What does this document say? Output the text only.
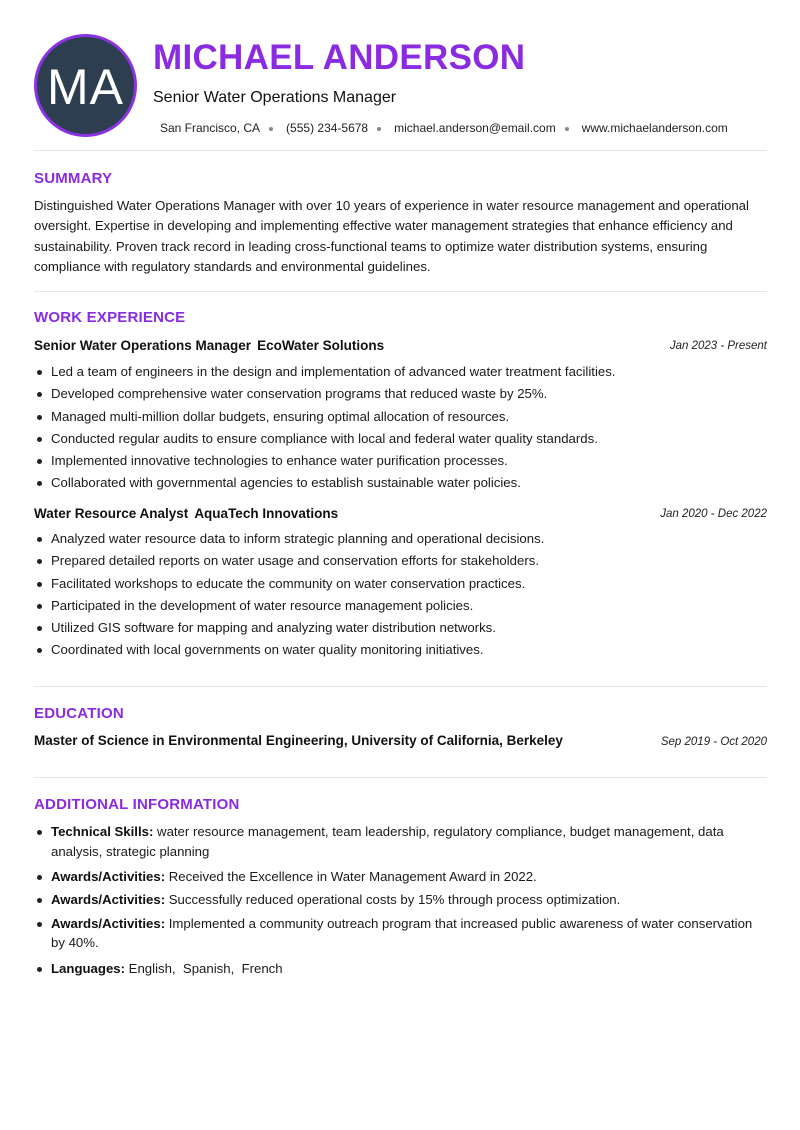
MA
MICHAEL ANDERSON
Senior Water Operations Manager
San Francisco, CA (555) 234-5678 michael.anderson@email.com www.michaelanderson.com
SUMMARY
Distinguished Water Operations Manager with over 10 years of experience in water resource management and operational oversight. Expertise in developing and implementing effective water management strategies that enhance efficiency and sustainability. Proven track record in leading cross-functional teams to optimize water distribution systems, ensuring compliance with regulatory standards and environmental guidelines.
WORK EXPERIENCE
Senior Water Operations Manager EcoWater Solutions	Jan 2023 - Present
Led a team of engineers in the design and implementation of advanced water treatment facilities.
Developed comprehensive water conservation programs that reduced waste by 25%.
Managed multi-million dollar budgets, ensuring optimal allocation of resources.
Conducted regular audits to ensure compliance with local and federal water quality standards.
Implemented innovative technologies to enhance water purification processes.
Collaborated with governmental agencies to establish sustainable water policies.
Water Resource Analyst AquaTech Innovations	Jan 2020 - Dec 2022
Analyzed water resource data to inform strategic planning and operational decisions.
Prepared detailed reports on water usage and conservation efforts for stakeholders.
Facilitated workshops to educate the community on water conservation practices.
Participated in the development of water resource management policies.
Utilized GIS software for mapping and analyzing water distribution networks.
Coordinated with local governments on water quality monitoring initiatives.
EDUCATION
Master of Science in Environmental Engineering, University of California, Berkeley	Sep 2019 - Oct 2020
ADDITIONAL INFORMATION
Technical Skills: water resource management, team leadership, regulatory compliance, budget management, data analysis, strategic planning
Awards/Activities: Received the Excellence in Water Management Award in 2022.
Awards/Activities: Successfully reduced operational costs by 15% through process optimization.
Awards/Activities: Implemented a community outreach program that increased public awareness of water conservation by 40%.
Languages: English,  Spanish,  French
